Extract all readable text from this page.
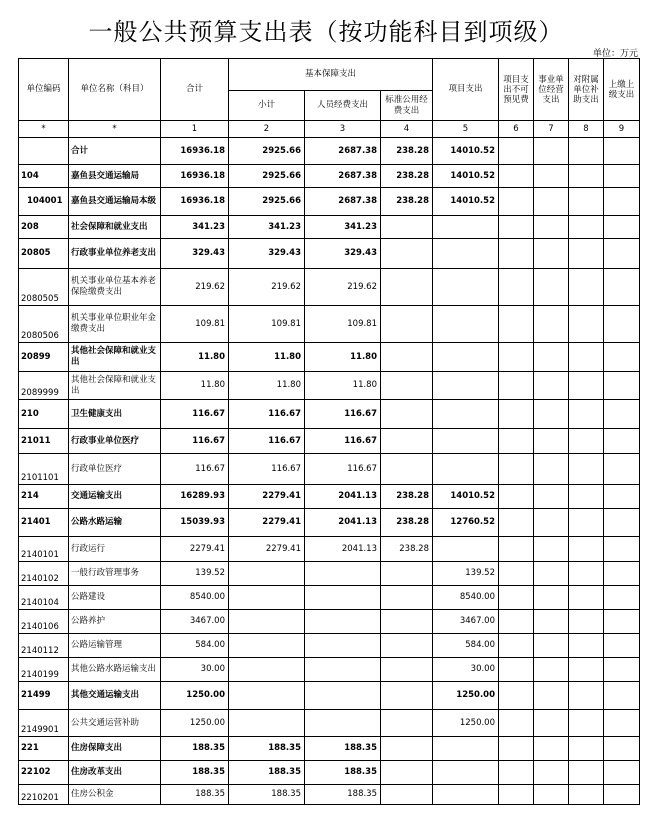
一般公共预算支出表（按功能科目到项级）
单位：万元
单位编码	单位名称（科目）	合计	基本保障支出			项目支出	项目支出不可预见费	事业单位经营支出	对附属单位补助支出	上缴上级支出
			小计	人员经费支出	标准公用经费支出					
*	*	1	2	3	4	5	6	7	8	9
	合计	16936.18	2925.66	2687.38	238.28	14010.52				
104	嘉鱼县交通运输局	16936.18	2925.66	2687.38	238.28	14010.52				
104001	嘉鱼县交通运输局本级	16936.18	2925.66	2687.38	238.28	14010.52				
208	社会保障和就业支出	341.23	341.23	341.23						
20805	行政事业单位养老支出	329.43	329.43	329.43						
2080505	机关事业单位基本养老保险缴费支出	219.62	219.62	219.62						
2080506	机关事业单位职业年金缴费支出	109.81	109.81	109.81						
20899	其他社会保障和就业支出	11.80	11.80	11.80						
2089999	其他社会保障和就业支出	11.80	11.80	11.80						
210	卫生健康支出	116.67	116.67	116.67						
21011	行政事业单位医疗	116.67	116.67	116.67						
2101101	行政单位医疗	116.67	116.67	116.67						
214	交通运输支出	16289.93	2279.41	2041.13	238.28	14010.52				
21401	公路水路运输	15039.93	2279.41	2041.13	238.28	12760.52				
2140101	行政运行	2279.41	2279.41	2041.13	238.28					
2140102	一般行政管理事务	139.52				139.52				
2140104	公路建设	8540.00				8540.00				
2140106	公路养护	3467.00				3467.00				
2140112	公路运输管理	584.00				584.00				
2140199	其他公路水路运输支出	30.00				30.00				
21499	其他交通运输支出	1250.00				1250.00				
2149901	公共交通运营补助	1250.00				1250.00				
221	住房保障支出	188.35	188.35	188.35						
22102	住房改革支出	188.35	188.35	188.35						
2210201	住房公积金	188.35	188.35	188.35						
